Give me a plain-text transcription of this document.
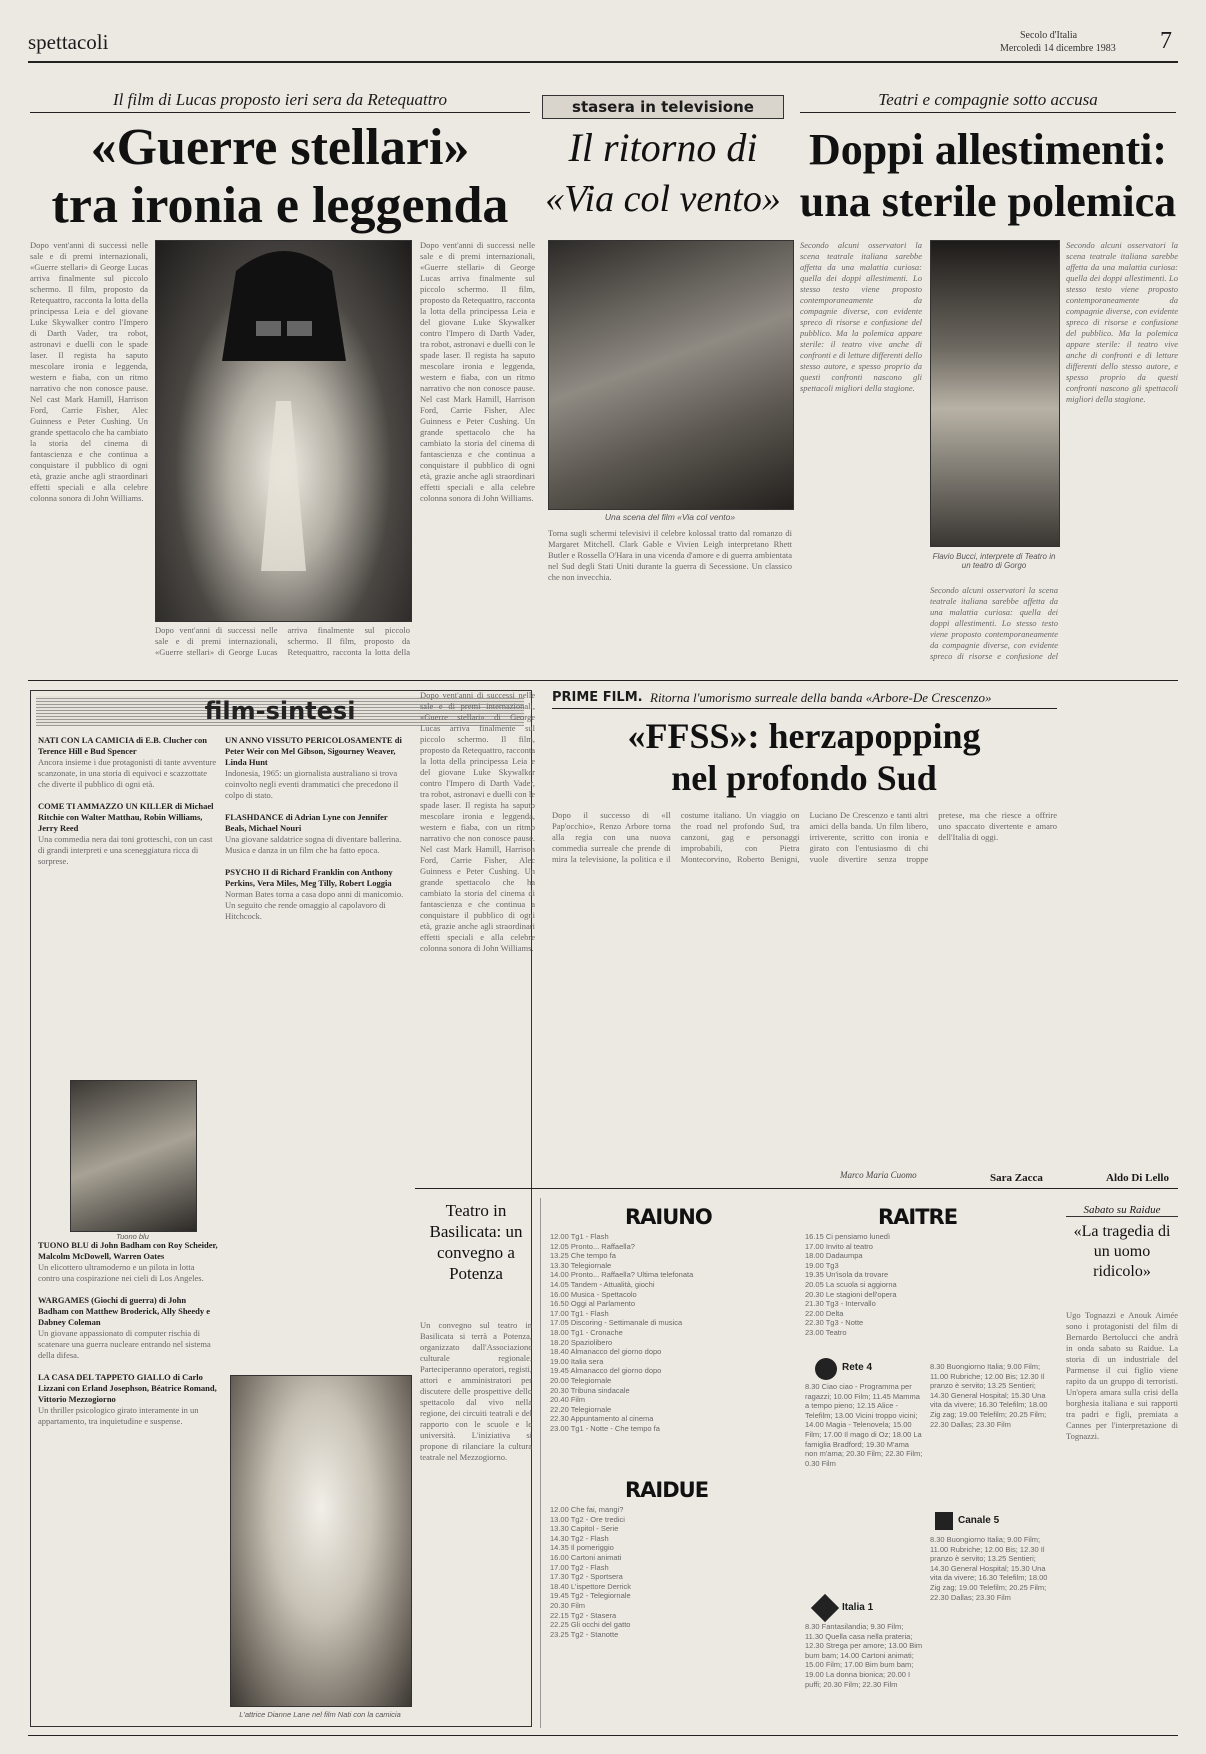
spettacoli	Secolo d'Italia
Mercoledì 14 dicembre 1983 7
Il film di Lucas proposto ieri sera da Retequattro
«Guerre stellari»
tra ironia e leggenda
Dopo vent'anni di successi nelle sale e di premi internazionali, «Guerre stellari» di George Lucas arriva finalmente sul piccolo schermo. Il film, proposto da Retequattro, racconta la lotta della principessa Leia e del giovane Luke Skywalker contro l'Impero di Darth Vader, tra robot, astronavi e duelli con le spade laser. Il regista ha saputo mescolare ironia e leggenda, western e fiaba, con un ritmo narrativo che non conosce pause. Nel cast Mark Hamill, Harrison Ford, Carrie Fisher, Alec Guinness e Peter Cushing. Un grande spettacolo che ha cambiato la storia del cinema di fantascienza e che continua a conquistare il pubblico di ogni età, grazie anche agli straordinari effetti speciali e alla celebre colonna sonora di John Williams.
Dopo vent'anni di successi nelle sale e di premi internazionali, «Guerre stellari» di George Lucas arriva finalmente sul piccolo schermo. Il film, proposto da Retequattro, racconta la lotta della
Dopo vent'anni di successi nelle sale e di premi internazionali, «Guerre stellari» di George Lucas arriva finalmente sul piccolo schermo. Il film, proposto da Retequattro, racconta la lotta della principessa Leia e del giovane Luke Skywalker contro l'Impero di Darth Vader, tra robot, astronavi e duelli con le spade laser. Il regista ha saputo mescolare ironia e leggenda, western e fiaba, con un ritmo narrativo che non conosce pause. Nel cast Mark Hamill, Harrison Ford, Carrie Fisher, Alec Guinness e Peter Cushing. Un grande spettacolo che ha cambiato la storia del cinema di fantascienza e che continua a conquistare il pubblico di ogni età, grazie anche agli straordinari effetti speciali e alla celebre colonna sonora di John Williams.
stasera in televisione
Il ritorno di
«Via col vento»
Una scena del film «Via col vento»
Torna sugli schermi televisivi il celebre kolossal tratto dal romanzo di Margaret Mitchell. Clark Gable e Vivien Leigh interpretano Rhett Butler e Rossella O'Hara in una vicenda d'amore e di guerra ambientata nel Sud degli Stati Uniti durante la guerra di Secessione. Un classico che non invecchia.
Teatri e compagnie sotto accusa
Doppi allestimenti:
una sterile polemica
Secondo alcuni osservatori la scena teatrale italiana sarebbe affetta da una malattia curiosa: quella dei doppi allestimenti. Lo stesso testo viene proposto contemporaneamente da compagnie diverse, con evidente spreco di risorse e confusione del pubblico. Ma la polemica appare sterile: il teatro vive anche di confronti e di letture differenti dello stesso autore, e spesso proprio da questi confronti nascono gli spettacoli migliori della stagione.
Flavio Bucci, interprete di Teatro in un teatro di Gorgo
Secondo alcuni osservatori la scena teatrale italiana sarebbe affetta da una malattia curiosa: quella dei doppi allestimenti. Lo stesso testo viene proposto contemporaneamente da compagnie diverse, con evidente spreco di risorse e confusione del pubblico. Ma la polemica appare sterile: il teatro vive anche di confronti e di letture differenti dello stesso autore, e spesso proprio da questi confronti nascono gli spettacoli migliori della stagione.
Secondo alcuni osservatori la scena teatrale italiana sarebbe affetta da una malattia curiosa: quella dei doppi allestimenti. Lo stesso testo viene proposto contemporaneamente da compagnie diverse, con evidente spreco di risorse e confusione del
film-sintesi
NATI CON LA CAMICIA di E.B. Clucher con Terence Hill e Bud Spencer
Ancora insieme i due protagonisti di tante avventure scanzonate, in una storia di equivoci e scazzottate che diverte il pubblico di ogni età.

COME TI AMMAZZO UN KILLER di Michael Ritchie con Walter Matthau, Robin Williams, Jerry Reed
Una commedia nera dai toni grotteschi, con un cast di grandi interpreti e una sceneggiatura ricca di sorprese.
TUONO BLU di John Badham con Roy Scheider, Malcolm McDowell, Warren Oates
Un elicottero ultramoderno e un pilota in lotta contro una cospirazione nei cieli di Los Angeles.

WARGAMES (Giochi di guerra) di John Badham con Matthew Broderick, Ally Sheedy e Dabney Coleman
Un giovane appassionato di computer rischia di scatenare una guerra nucleare entrando nel sistema della difesa.

LA CASA DEL TAPPETO GIALLO di Carlo Lizzani con Erland Josephson, Béatrice Romand, Vittorio Mezzogiorno
Un thriller psicologico girato interamente in un appartamento, tra inquietudine e suspense.
UN ANNO VISSUTO PERICOLOSAMENTE di Peter Weir con Mel Gibson, Sigourney Weaver, Linda Hunt
Indonesia, 1965: un giornalista australiano si trova coinvolto negli eventi drammatici che precedono il colpo di stato.

FLASHDANCE di Adrian Lyne con Jennifer Beals, Michael Nouri
Una giovane saldatrice sogna di diventare ballerina. Musica e danza in un film che ha fatto epoca.

PSYCHO II di Richard Franklin con Anthony Perkins, Vera Miles, Meg Tilly, Robert Loggia
Norman Bates torna a casa dopo anni di manicomio. Un seguito che rende omaggio al capolavoro di Hitchcock.
L'attrice Dianne Lane nel film Nati con la camicia
Tuono blu
Dopo vent'anni di successi nelle sale e di premi internazionali, «Guerre stellari» di George Lucas arriva finalmente sul piccolo schermo. Il film, proposto da Retequattro, racconta la lotta della principessa Leia e del giovane Luke Skywalker contro l'Impero di Darth Vader, tra robot, astronavi e duelli con le spade laser. Il regista ha saputo mescolare ironia e leggenda, western e fiaba, con un ritmo narrativo che non conosce pause. Nel cast Mark Hamill, Harrison Ford, Carrie Fisher, Alec Guinness e Peter Cushing. Un grande spettacolo che ha cambiato la storia del cinema di fantascienza e che continua a conquistare il pubblico di ogni età, grazie anche agli straordinari effetti speciali e alla celebre colonna sonora di John Williams.
PRIME FILM. Ritorna l'umorismo surreale della banda «Arbore-De Crescenzo»
«FFSS»: herzapopping
nel profondo Sud
Dopo il successo di «Il Pap'occhio», Renzo Arbore torna alla regia con una nuova commedia surreale che prende di mira la televisione, la politica e il costume italiano. Un viaggio on the road nel profondo Sud, tra canzoni, gag e personaggi improbabili, con Pietra Montecorvino, Roberto Benigni, Luciano De Crescenzo e tanti altri amici della banda. Un film libero, irriverente, scritto con ironia e girato con l'entusiasmo di chi vuole divertire senza troppe pretese, ma che riesce a offrire uno spaccato divertente e amaro dell'Italia di oggi.
Marco Maria Cuomo	Sara Zacca	Aldo Di Lello
Teatro in Basilicata: un convegno a Potenza
Un convegno sul teatro in Basilicata si terrà a Potenza, organizzato dall'Associazione culturale regionale. Parteciperanno operatori, registi, attori e amministratori per discutere delle prospettive dello spettacolo dal vivo nella regione, dei circuiti teatrali e del rapporto con le scuole e le università. L'iniziativa si propone di rilanciare la cultura teatrale nel Mezzogiorno.
RAIUNO
12.00 Tg1 - Flash
12.05 Pronto... Raffaella?
13.25 Che tempo fa
13.30 Telegiornale
14.00 Pronto... Raffaella? Ultima telefonata
14.05 Tandem - Attualità, giochi
16.00 Musica - Spettacolo
16.50 Oggi al Parlamento
17.00 Tg1 - Flash
17.05 Discoring - Settimanale di musica
18.00 Tg1 - Cronache
18.20 Spaziolibero
18.40 Almanacco del giorno dopo
19.00 Italia sera
19.45 Almanacco del giorno dopo
20.00 Telegiornale
20.30 Tribuna sindacale
20.40 Film
22.20 Telegiornale
22.30 Appuntamento al cinema
23.00 Tg1 - Notte - Che tempo fa
RAIDUE
12.00 Che fai, mangi?
13.00 Tg2 - Ore tredici
13.30 Capitol - Serie
14.30 Tg2 - Flash
14.35 Il pomeriggio
16.00 Cartoni animati
17.00 Tg2 - Flash
17.30 Tg2 - Sportsera
18.40 L'ispettore Derrick
19.45 Tg2 - Telegiornale
20.30 Film
22.15 Tg2 - Stasera
22.25 Gli occhi del gatto
23.25 Tg2 - Stanotte
RAITRE
16.15 Ci pensiamo lunedì
17.00 Invito al teatro
18.00 Dadaumpa
19.00 Tg3
19.35 Un'isola da trovare
20.05 La scuola si aggiorna
20.30 Le stagioni dell'opera
21.30 Tg3 - Intervallo
22.00 Delta
22.30 Tg3 - Notte
23.00 Teatro
Rete 4
8.30 Ciao ciao - Programma per ragazzi; 10.00 Film; 11.45 Mamma a tempo pieno; 12.15 Alice - Telefilm; 13.00 Vicini troppo vicini; 14.00 Magia - Telenovela; 15.00 Film; 17.00 Il mago di Oz; 18.00 La famiglia Bradford; 19.30 M'ama non m'ama; 20.30 Film; 22.30 Film; 0.30 Film
Italia 1
8.30 Fantasilandia; 9.30 Film; 11.30 Quella casa nella prateria; 12.30 Strega per amore; 13.00 Bim bum bam; 14.00 Cartoni animati; 15.00 Film; 17.00 Bim bum bam; 19.00 La donna bionica; 20.00 I puffi; 20.30 Film; 22.30 Film
8.30 Buongiorno Italia; 9.00 Film; 11.00 Rubriche; 12.00 Bis; 12.30 Il pranzo è servito; 13.25 Sentieri; 14.30 General Hospital; 15.30 Una vita da vivere; 16.30 Telefilm; 18.00 Zig zag; 19.00 Telefilm; 20.25 Film; 22.30 Dallas; 23.30 Film
Canale 5
8.30 Buongiorno Italia; 9.00 Film; 11.00 Rubriche; 12.00 Bis; 12.30 Il pranzo è servito; 13.25 Sentieri; 14.30 General Hospital; 15.30 Una vita da vivere; 16.30 Telefilm; 18.00 Zig zag; 19.00 Telefilm; 20.25 Film; 22.30 Dallas; 23.30 Film
Sabato su Raidue
«La tragedia di un uomo ridicolo»
Ugo Tognazzi e Anouk Aimée sono i protagonisti del film di Bernardo Bertolucci che andrà in onda sabato su Raidue. La storia di un industriale del Parmense il cui figlio viene rapito da un gruppo di terroristi. Un'opera amara sulla crisi della borghesia italiana e sui rapporti tra padri e figli, premiata a Cannes per l'interpretazione di Tognazzi.
